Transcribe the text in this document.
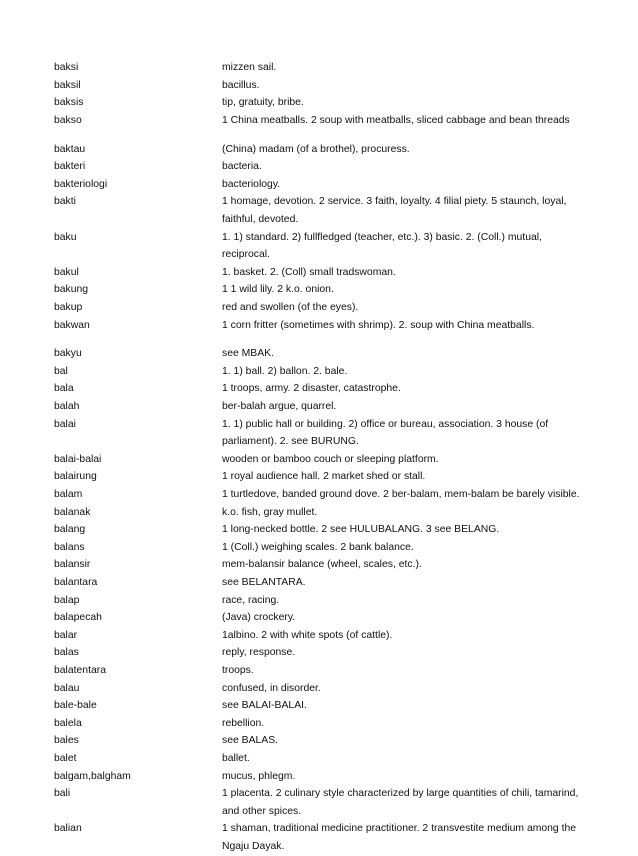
baksi	mizzen sail.
baksil	bacillus.
baksis	tip, gratuity, bribe.
bakso	1 China meatballs. 2 soup with meatballs, sliced cabbage and bean threads
baktau	(China) madam (of a brothel), procuress.
bakteri	bacteria.
bakteriologi	bacteriology.
bakti	1 homage, devotion. 2 service. 3 faith, loyalty. 4 filial piety. 5 staunch, loyal, faithful, devoted.
baku	1. 1) standard. 2) fullfledged (teacher, etc.). 3) basic. 2. (Coll.) mutual, reciprocal.
bakul	1. basket. 2. (Coll) small tradswoman.
bakung	1 1 wild lily. 2 k.o. onion.
bakup	red and swollen (of the eyes).
bakwan	1 corn fritter (sometimes with shrimp). 2. soup with China meatballs.
bakyu	see MBAK.
bal	1. 1) ball. 2) ballon. 2. bale.
bala	1 troops, army. 2 disaster, catastrophe.
balah	ber-balah argue, quarrel.
balai	1. 1) public hall or building. 2) office or bureau, association. 3 house (of parliament). 2. see BURUNG.
balai-balai	wooden or bamboo couch or sleeping platform.
balairung	1 royal audience hall. 2 market shed or stall.
balam	1 turtledove, banded ground dove. 2 ber-balam, mem-balam be barely visible.
balanak	k.o. fish, gray mullet.
balang	1 long-necked bottle. 2 see HULUBALANG. 3 see BELANG.
balans	1 (Coll.) weighing scales. 2 bank balance.
balansir	mem-balansir balance (wheel, scales, etc.).
balantara	see BELANTARA.
balap	race, racing.
balapecah	(Java) crockery.
balar	1albino. 2 with white spots (of cattle).
balas	reply, response.
balatentara	troops.
balau	confused, in disorder.
bale-bale	see BALAI-BALAI.
balela	rebellion.
bales	see BALAS.
balet	ballet.
balgam,balgham	mucus, phlegm.
bali	1 placenta. 2 culinary style characterized by large quantities of chili, tamarind, and other spices.
balian	1 shaman, traditional medicine practitioner. 2 transvestite medium among the Ngaju Dayak.
